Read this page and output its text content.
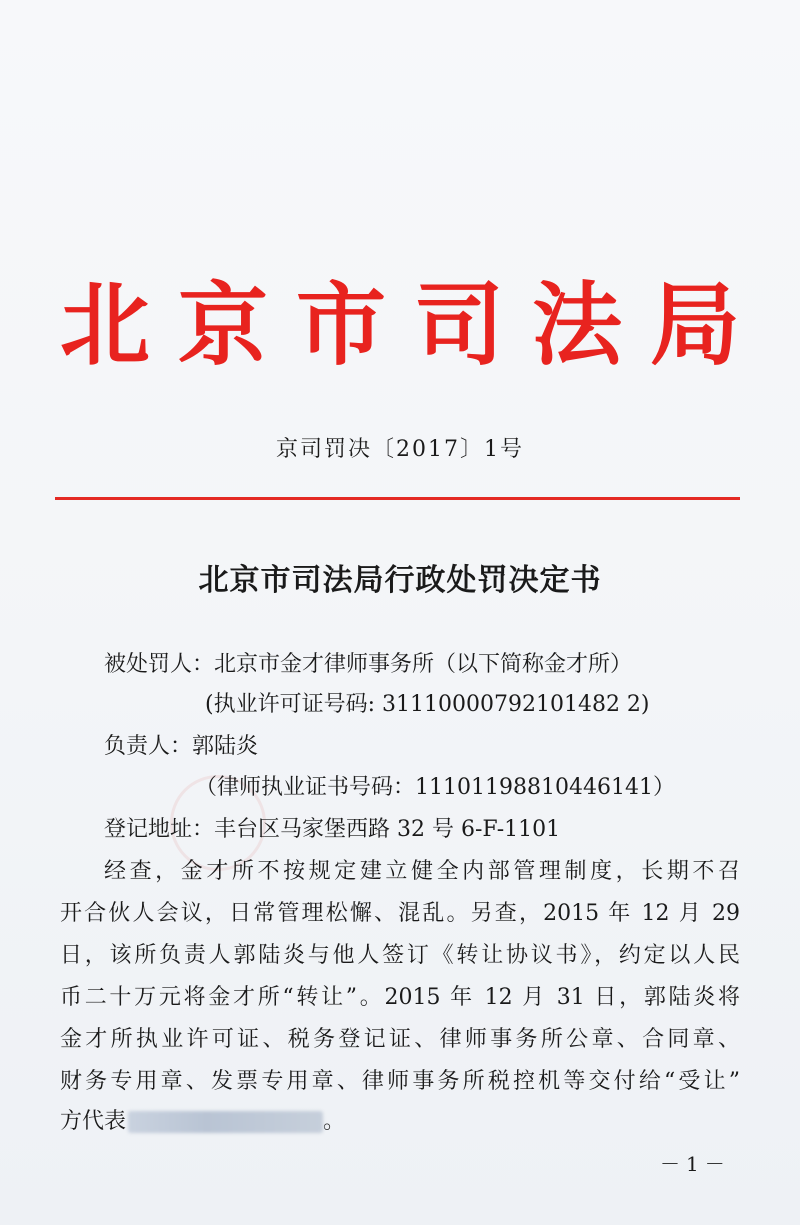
北 京 市 司 法 局
京司罚决〔2017〕1号
北京市司法局行政处罚决定书
被处罚人：北京市金才律师事务所（以下简称金才所）
(执业许可证号码: 31110000792101482 2)
负责人：郭陆炎
（律师执业证书号码：11101198810446141）
登记地址：丰台区马家堡西路 32 号 6-F-1101
经查，金才所不按规定建立健全内部管理制度，长期不召
开合伙人会议，日常管理松懈、混乱。另查，2015 年 12 月 29
日，该所负责人郭陆炎与他人签订《转让协议书》，约定以人民
币二十万元将金才所“转让”。2015 年 12 月 31 日，郭陆炎将
金才所执业许可证、税务登记证、律师事务所公章、合同章、
财务专用章、发票专用章、律师事务所税控机等交付给“受让”
方代表	。
－1－
